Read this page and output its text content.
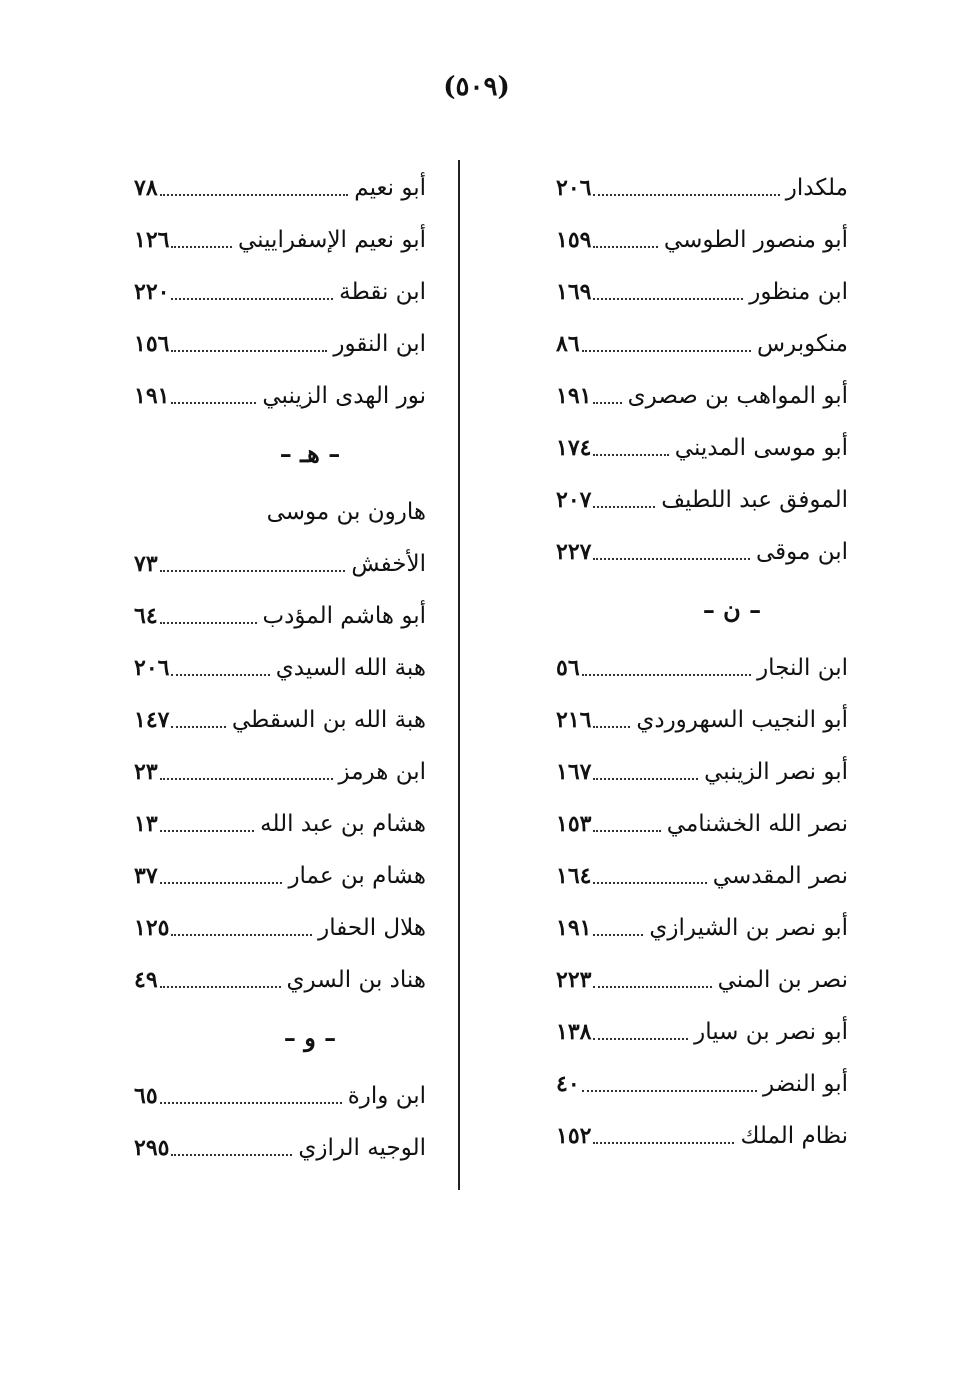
(٥٠٩)
ملكدار
٢٠٦
أبو منصور الطوسي
١٥٩
ابن منظور
١٦٩
منكوبرس
٨٦
أبو المواهب بن صصرى
١٩١
أبو موسى المديني
١٧٤
الموفق عبد اللطيف
٢٠٧
ابن موقى
٢٢٧
– ن –
ابن النجار
٥٦
أبو النجيب السهروردي
٢١٦
أبو نصر الزينبي
١٦٧
نصر الله الخشنامي
١٥٣
نصر المقدسي
١٦٤
أبو نصر بن الشيرازي
١٩١
نصر بن المني
٢٢٣
أبو نصر بن سيار
١٣٨
أبو النضر
٤٠
نظام الملك
١٥٢
أبو نعيم
٧٨
أبو نعيم الإسفراييني
١٢٦
ابن نقطة
٢٢٠
ابن النقور
١٥٦
نور الهدى الزينبي
١٩١
– هـ –
هارون بن موسى
الأخفش
٧٣
أبو هاشم المؤدب
٦٤
هبة الله السيدي
٢٠٦
هبة الله بن السقطي
١٤٧
ابن هرمز
٢٣
هشام بن عبد الله
١٣
هشام بن عمار
٣٧
هلال الحفار
١٢٥
هناد بن السري
٤٩
– و –
ابن وارة
٦٥
الوجيه الرازي
٢٩٥
